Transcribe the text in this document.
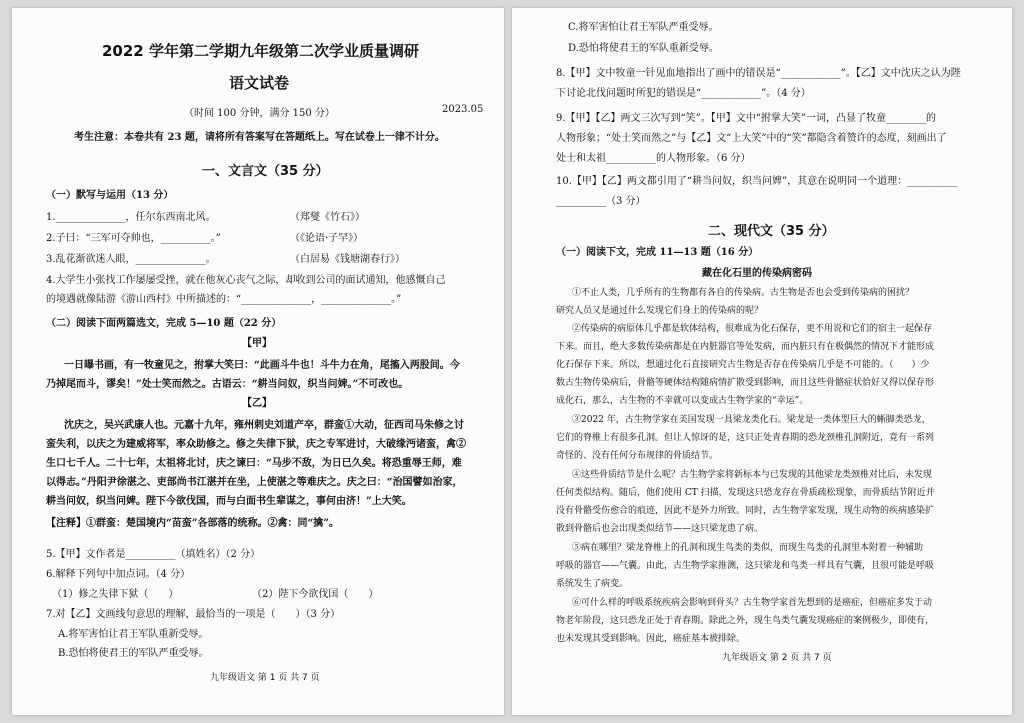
2022 学年第二学期九年级第二次学业质量调研
语文试卷
（时间 100 分钟，满分 150 分）	2023.05
考生注意：本卷共有 23 题，请将所有答案写在答题纸上。写在试卷上一律不计分。
一、文言文（35 分）
（一）默写与运用（13 分）
1.______________，任尔东西南北风。	（郑燮《竹石》）
2.子曰：“三军可夺帅也，__________。”	（《论语·子罕》）
3.乱花渐欲迷人眼，______________。	（白居易《钱塘湖春行》）
4.大学生小张找工作屡屡受挫，就在他灰心丧气之际，却收到公司的面试通知，他感慨自己
的境遇就像陆游《游山西村》中所描述的：“______________，______________。”
（二）阅读下面两篇选文，完成 5—10 题（22 分）
【甲】
一日曝书画，有一牧童见之，拊掌大笑曰：“此画斗牛也！斗牛力在角，尾搐入两股间。今
乃掉尾而斗，谬矣！”处士笑而然之。古语云：“耕当问奴，织当问婢。”不可改也。
【乙】
沈庆之，吴兴武康人也。元嘉十九年，雍州刺史刘道产卒，群蛮①大动，征西司马朱修之讨
蛮失利，以庆之为建威将军，率众助修之。修之失律下狱，庆之专军进讨，大破缘沔诸蛮，禽②
生口七千人。二十七年，太祖将北讨，庆之谏曰：“马步不敌，为日已久矣。将恐重辱王师，难
以得志。”丹阳尹徐湛之、吏部尚书江湛并在坐，上使湛之等难庆之。庆之曰：“治国譬如治家，
耕当问奴，织当问婢。陛下今欲伐国，而与白面书生辈谋之，事何由济！”上大笑。
【注释】①群蛮：楚国境内“苗蛮”各部落的统称。②禽：同“擒”。
5.【甲】文作者是__________（填姓名）（2 分）
6.解释下列句中加点词。（4 分）
（1）修之失律下狱（　　）	（2）陛下今欲伐国（　　）
7.对【乙】文画线句意思的理解，最恰当的一项是（　　）（3 分）
A.将军害怕让君王军队重新受辱。
B.恐怕将使君王的军队严重受辱。
九年级语文 第 1 页 共 7 页
C.将军害怕让君王军队严重受辱。
D.恐怕将使君王的军队重新受辱。
8.【甲】文中牧童一针见血地指出了画中的错误是“____________”。【乙】文中沈庆之认为陛
下讨论北伐问题时所犯的错误是“____________”。（4 分）
9.【甲】【乙】两文三次写到“笑”。【甲】文中“拊掌大笑”一词，凸显了牧童________的
人物形象；“处士笑而然之”与【乙】文“上大笑”中的“笑”都隐含着赞许的态度，刻画出了
处士和太祖__________的人物形象。（6 分）
10.【甲】【乙】两文都引用了“耕当问奴，织当问婢”，其意在说明同一个道理：__________
__________（3 分）
二、现代文（35 分）
（一）阅读下文，完成 11—13 题（16 分）
藏在化石里的传染病密码
①不止人类，几乎所有的生物都有各自的传染病。古生物是否也会受到传染病的困扰？
研究人员又是通过什么发现它们身上的传染病的呢？
②传染病的病原体几乎都是软体结构，很难成为化石保存，更不用说和它们的宿主一起保存
下来。而且，绝大多数传染病都是在内脏器官等处发病，而内脏只有在极偶然的情况下才能形成
化石保存下来。所以，想通过化石直接研究古生物是否存在传染病几乎是不可能的。（　　）少
数古生物传染病后，骨骼等硬体结构随病情扩散受到影响，而且这些骨骼症状恰好又得以保存形
成化石，那么，古生物的不幸就可以变成古生物学家的“幸运”。
③2022 年，古生物学家在美国发现一具梁龙类化石。梁龙是一类体型巨大的蜥脚类恐龙，
它们的脊椎上有很多孔洞。但让人惊讶的是，这只正处青春期的恐龙颈椎孔洞附近，竟有一系列
奇怪的、没有任何分布规律的骨质结节。
④这些骨质结节是什么呢？古生物学家将新标本与已发现的其他梁龙类颈椎对比后，未发现
任何类似结构。随后，他们使用 CT 扫描，发现这只恐龙存在骨质疏松现象，而骨质结节附近并
没有骨骼受伤愈合的痕迹，因此不是外力所致。同时，古生物学家发现，现生动物的疾病感染扩
散到骨骼后也会出现类似结节——这只梁龙患了病。
⑤病在哪里？梁龙脊椎上的孔洞和现生鸟类的类似，而现生鸟类的孔洞里本附着一种辅助
呼吸的器官——气囊。由此，古生物学家推测，这只梁龙和鸟类一样具有气囊，且很可能是呼吸
系统发生了病变。
⑥可什么样的呼吸系统疾病会影响到骨头？古生物学家首先想到的是癌症，但癌症多发于动
物老年阶段，这只恐龙正处于青春期。除此之外，现生鸟类气囊发现癌症的案例极少，即使有，
也未发现其受到影响。因此，癌症基本被排除。
九年级语文 第 2 页 共 7 页
